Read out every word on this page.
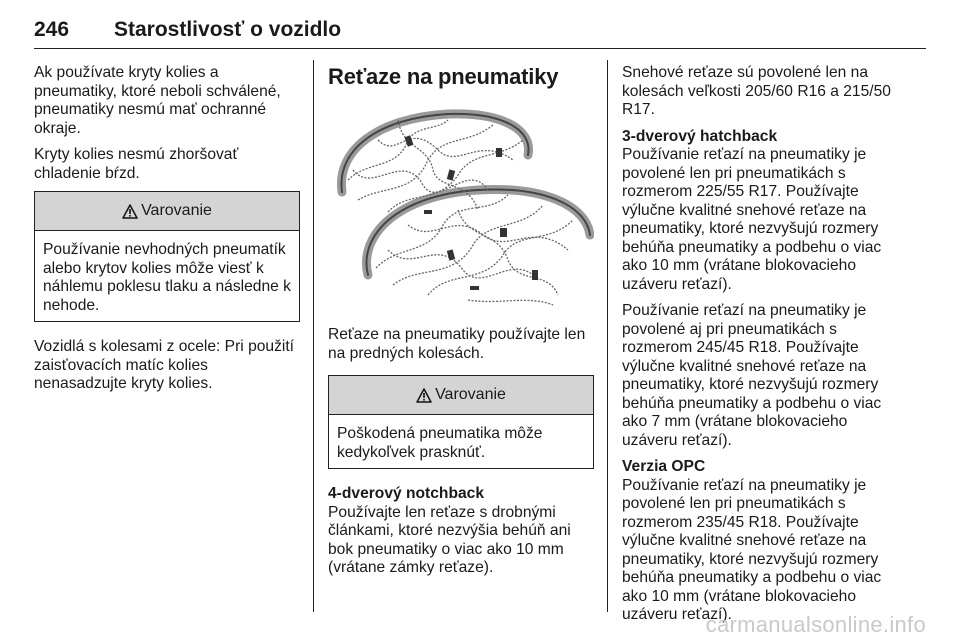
246 Starostlivosť o vozidlo

Ak používate kryty kolies a pneumatiky, ktoré neboli schválené, pneumatiky nesmú mať ochranné okraje.

Kryty kolies nesmú zhoršovať chladenie bŕzd.

Varovanie
Používanie nevhodných pneumatík alebo krytov kolies môže viesť k náhlemu poklesu tlaku a následne k nehode.

Vozidlá s kolesami z ocele: Pri použití zaisťovacích matíc kolies nenasadzujte kryty kolies.

Reťaze na pneumatiky

Reťaze na pneumatiky používajte len na predných kolesách.

Varovanie
Poškodená pneumatika môže kedykoľvek prasknúť.
4-dverový notchback

Používajte len reťaze s drobnými článkami, ktoré nezvýšia behúň ani bok pneumatiky o viac ako 10 mm (vrátane zámky reťaze).

Snehové reťaze sú povolené len na kolesách veľkosti 205/60 R16 a 215/50 R17.

3-dverový hatchback

Používanie reťazí na pneumatiky je povolené len pri pneumatikách s rozmerom 225/55 R17. Používajte výlučne kvalitné snehové reťaze na pneumatiky, ktoré nezvyšujú rozmery behúňa pneumatiky a podbehu o viac ako 10 mm (vrátane blokovacieho uzáveru reťazí).

Používanie reťazí na pneumatiky je povolené aj pri pneumatikách s rozmerom 245/45 R18. Používajte výlučne kvalitné snehové reťaze na pneumatiky, ktoré nezvyšujú rozmery behúňa pneumatiky a podbehu o viac ako 7 mm (vrátane blokovacieho uzáveru reťazí).

Verzia OPC

Používanie reťazí na pneumatiky je povolené len pri pneumatikách s rozmerom 235/45 R18. Používajte výlučne kvalitné snehové reťaze na pneumatiky, ktoré nezvyšujú rozmery behúňa pneumatiky a podbehu o viac ako 10 mm (vrátane blokovacieho uzáveru reťazí).

carmanualsonline.info
